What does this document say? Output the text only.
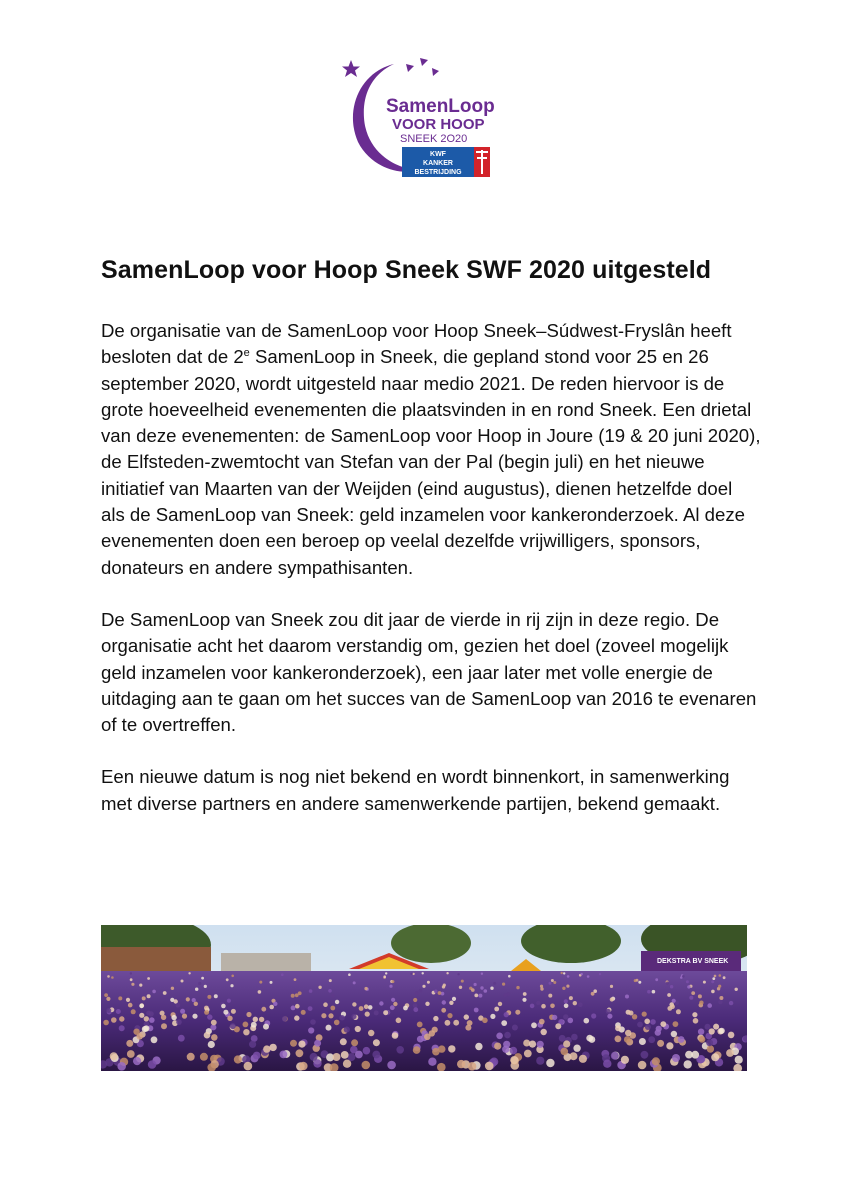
SamenLoop
VOOR HOOP
SNEEK 2O20
KWF
KANKER
BESTRIJDING
SamenLoop voor Hoop Sneek SWF 2020 uitgesteld

De organisatie van de SamenLoop voor Hoop Sneek–Súdwest-Fryslân heeft besloten dat de 2e SamenLoop in Sneek, die gepland stond voor 25 en 26 september 2020, wordt uitgesteld naar medio 2021. De reden hiervoor is de grote hoeveelheid evenementen die plaatsvinden in en rond Sneek. Een drietal van deze evenementen: de SamenLoop voor Hoop in Joure (19 & 20 juni 2020), de Elfsteden-zwemtocht van Stefan van der Pal (begin juli) en het nieuwe initiatief van Maarten van der Weijden (eind augustus), dienen hetzelfde doel als de SamenLoop van Sneek: geld inzamelen voor kankeronderzoek. Al deze evenementen doen een beroep op veelal dezelfde vrijwilligers, sponsors, donateurs en andere sympathisanten.

De SamenLoop van Sneek zou dit jaar de vierde in rij zijn in deze regio. De organisatie acht het daarom verstandig om, gezien het doel (zoveel mogelijk geld inzamelen voor kankeronderzoek), een jaar later met volle energie de uitdaging aan te gaan om het succes van de SamenLoop van 2016 te evenaren of te overtreffen.

Een nieuwe datum is nog niet bekend en wordt binnenkort, in samenwerking met diverse partners en andere samenwerkende partijen, bekend gemaakt.

DEKSTRA BV SNEEK
